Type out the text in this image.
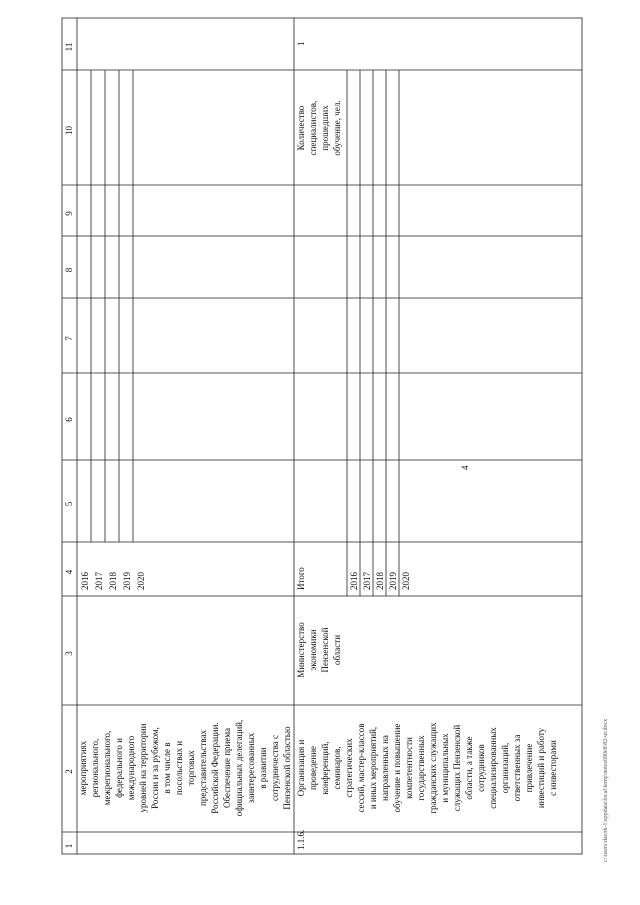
4
1
2
3
4
5
6
7
8
9
10
11
мероприятиях регионального, межрегионального, федерального и международного уровней на территории России и за рубежом, в том числе в посольствах и торговых представительствах Российской Федерации. Обеспечение приема официальных делегаций, заинтересованных в развитии сотрудничества с Пензенской областью
2016 2017 2018 2019 2020
1.1.6.
Организация и проведение конференций, семинаров, стратегических сессий, мастер-классов и иных мероприятий, направленных на обучение и повышение компетентности государственных гражданских служащих и муниципальных служащих Пензенской области, а также сотрудников специализированных организаций, ответственных за привлечение инвестиций и работу с инвесторами
Министерство экономики Пензенской области
Итого	2016 2017 2018 2019 2020
Количество специалистов, прошедших обучение, чел.
1
c:\users\dacoh-1\appdata\local\temp\notes690e8\82-ur.docx
